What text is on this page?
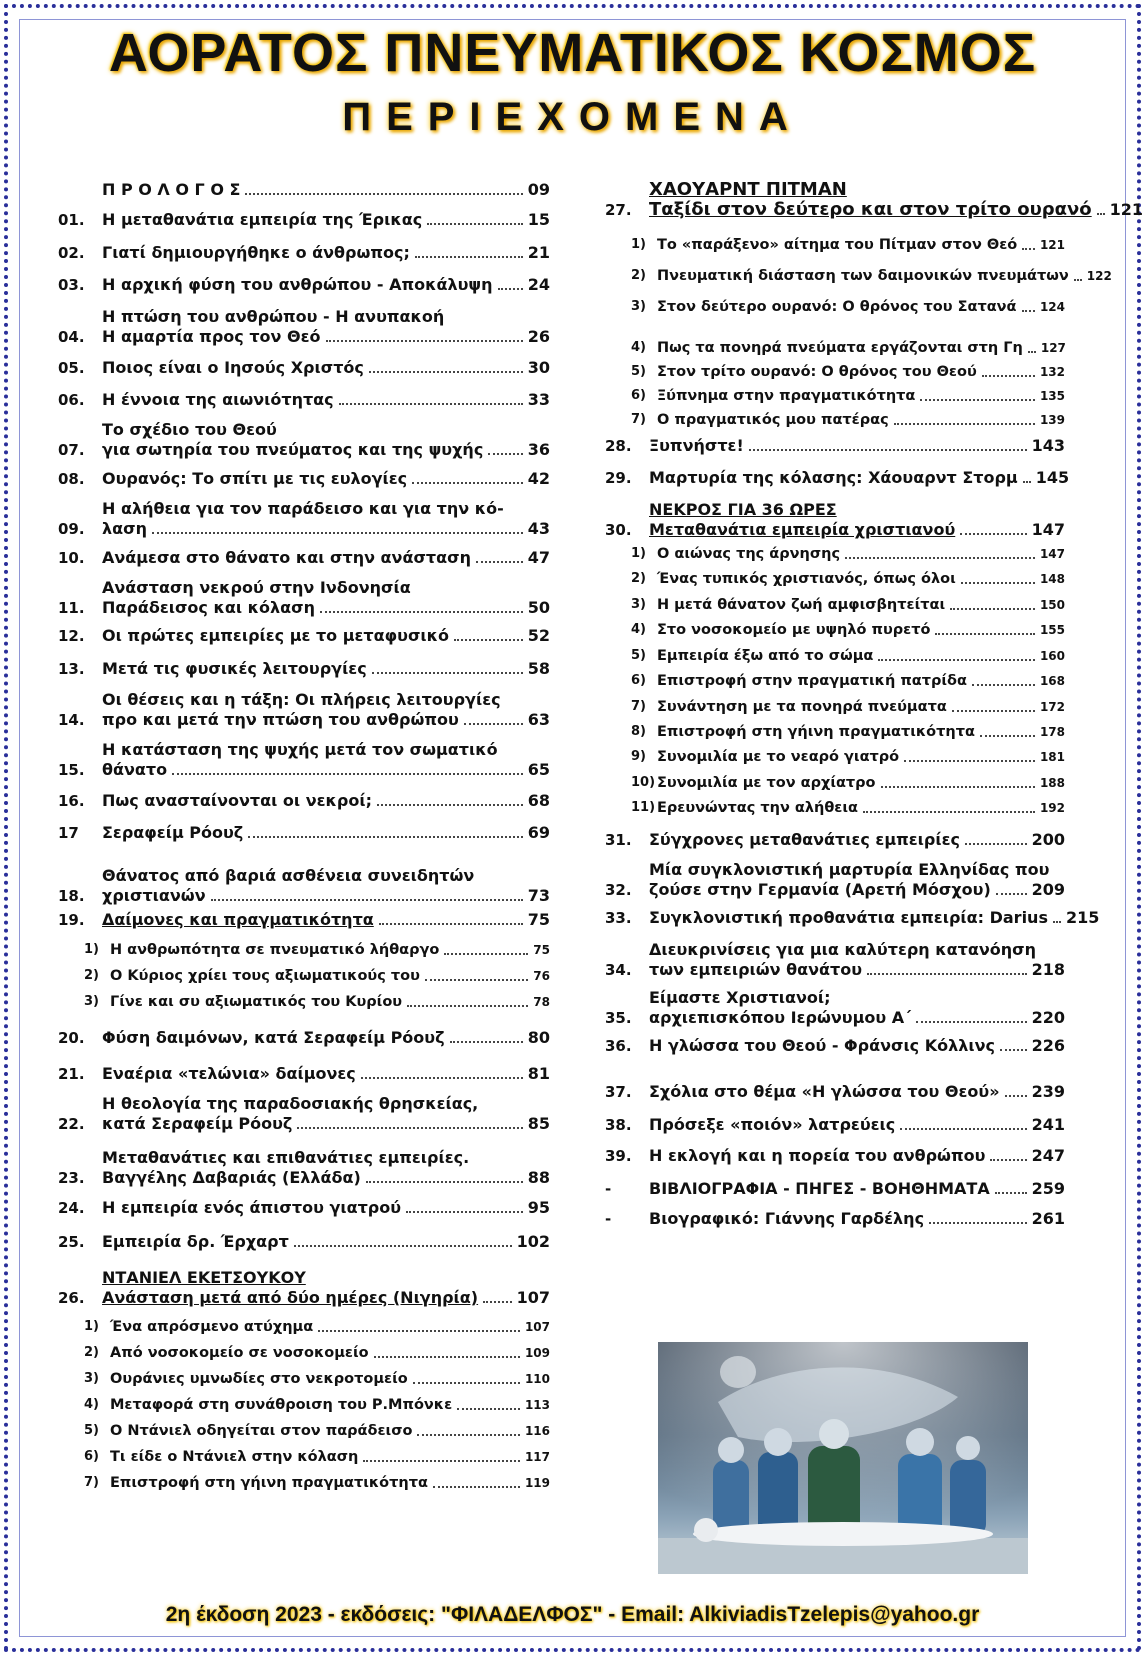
ΑΟΡΑΤΟΣ ΠΝΕΥΜΑΤΙΚΟΣ ΚΟΣΜΟΣ
ΠΕΡΙΕΧΟΜΕΝΑ
Π Ρ Ο Λ Ο Γ Ο Σ	09
01.	Η μεταθανάτια εμπειρία της Έρικας	15
02.	Γιατί δημιουργήθηκε ο άνθρωπος;	21
03.	Η αρχική φύση του ανθρώπου - Αποκάλυψη 24
04.
Η πτώση του ανθρώπου - Η ανυπακοή
Η αμαρτία προς τον Θεό	26
05.	Ποιος είναι ο Ιησούς Χριστός	30
06.	Η έννοια της αιωνιότητας	33
07.
Το σχέδιο του Θεού
για σωτηρία του πνεύματος και της ψυχής	36
08.	Ουρανός: Το σπίτι με τις ευλογίες	42
09.
Η αλήθεια για τον παράδεισο και για την κό-
λαση	43
10.	Ανάμεσα στο θάνατο και στην ανάσταση	47
11.
Ανάσταση νεκρού στην Ινδονησία
Παράδεισος και κόλαση	50
12.	Οι πρώτες εμπειρίες με το μεταφυσικό	52
13.	Μετά τις φυσικές λειτουργίες	58
14.
Οι θέσεις και η τάξη: Οι πλήρεις λειτουργίες
προ και μετά την πτώση του ανθρώπου	63
15.
Η κατάσταση της ψυχής μετά τον σωματικό
θάνατο	65
16.	Πως ανασταίνονται οι νεκροί;	68
17	Σεραφείμ Ρόουζ	69
18.
Θάνατος από βαριά ασθένεια συνειδητών
χριστιανών	73
19.	Δαίμονες και πραγματικότητα	75
1) Η ανθρωπότητα σε πνευματικό λήθαργο	75
2) Ο Κύριος χρίει τους αξιωματικούς του	76
3) Γίνε και συ αξιωματικός του Κυρίου	78
20.	Φύση δαιμόνων, κατά Σεραφείμ Ρόουζ	80
21.	Εναέρια «τελώνια» δαίμονες	81
22.
Η θεολογία της παραδοσιακής θρησκείας,
κατά Σεραφείμ Ρόουζ	85
23.
Μεταθανάτιες και επιθανάτιες εμπειρίες.
Βαγγέλης Δαβαριάς (Ελλάδα)	88
24.	Η εμπειρία ενός άπιστου γιατρού	95
25.	Εμπειρία δρ. Έρχαρτ	102
26.
ΝΤΑΝΙΕΛ ΕΚΕΤΣΟΥΚΟΥ
Ανάσταση μετά από δύο ημέρες (Νιγηρία) 107
1) Ένα απρόσμενο ατύχημα	107
2) Από νοσοκομείο σε νοσοκομείο	109
3) Ουράνιες υμνωδίες στο νεκροτομείο	110
4) Μεταφορά στη συνάθροιση του Ρ.Μπόνκε	113
5) Ο Ντάνιελ οδηγείται στον παράδεισο	116
6) Τι είδε ο Ντάνιελ στην κόλαση	117
7) Επιστροφή στη γήινη πραγματικότητα	119
27.
ΧΑΟΥΑΡΝΤ ΠΙΤΜΑΝ
Ταξίδι στον δεύτερο και στον τρίτο ουρανό 121
1) Το «παράξενο» αίτημα του Πίτμαν στον Θεό 121
2) Πνευματική διάσταση των δαιμονικών πνευμάτων 122
3) Στον δεύτερο ουρανό: Ο θρόνος του Σατανά 124
4) Πως τα πονηρά πνεύματα εργάζονται στη Γη 127
5) Στον τρίτο ουρανό: Ο θρόνος του Θεού	132
6) Ξύπνημα στην πραγματικότητα	135
7) Ο πραγματικός μου πατέρας	139
28.	Ξυπνήστε!	143
29.	Μαρτυρία της κόλασης: Χάουαρντ Στορμ 145
30.
ΝΕΚΡΟΣ ΓΙΑ 36 ΩΡΕΣ
Μεταθανάτια εμπειρία χριστιανού	147
1) Ο αιώνας της άρνησης	147
2) Ένας τυπικός χριστιανός, όπως όλοι	148
3) Η μετά θάνατον ζωή αμφισβητείται	150
4) Στο νοσοκομείο με υψηλό πυρετό	155
5) Εμπειρία έξω από το σώμα	160
6) Επιστροφή στην πραγματική πατρίδα	168
7) Συνάντηση με τα πονηρά πνεύματα	172
8) Επιστροφή στη γήινη πραγματικότητα	178
9) Συνομιλία με το νεαρό γιατρό	181
10) Συνομιλία με τον αρχίατρο	188
11) Ερευνώντας την αλήθεια	192
31.	Σύγχρονες μεταθανάτιες εμπειρίες	200
32.
Μία συγκλονιστική μαρτυρία Ελληνίδας που
ζούσε στην Γερμανία (Αρετή Μόσχου)	209
33.	Συγκλονιστική προθανάτια εμπειρία: Darius 215
34.
Διευκρινίσεις για μια καλύτερη κατανόηση
των εμπειριών θανάτου	218
35.
Είμαστε Χριστιανοί;
αρχιεπισκόπου Ιερώνυμου Α΄	220
36.	Η γλώσσα του Θεού - Φράνσις Κόλλινς 226
37.	Σχόλια στο θέμα «Η γλώσσα του Θεού» 239
38.	Πρόσεξε «ποιόν» λατρεύεις	241
39.	Η εκλογή και η πορεία του ανθρώπου	247
-	ΒΙΒΛΙΟΓΡΑΦΙΑ - ΠΗΓΕΣ - ΒΟΗΘΗΜΑΤΑ	259
-	Βιογραφικό: Γιάννης Γαρδέλης	261
2η έκδοση 2023 - εκδόσεις: "ΦΙΛΑΔΕΛΦΟΣ" - Email: AlkiviadisTzelepis@yahoo.gr
